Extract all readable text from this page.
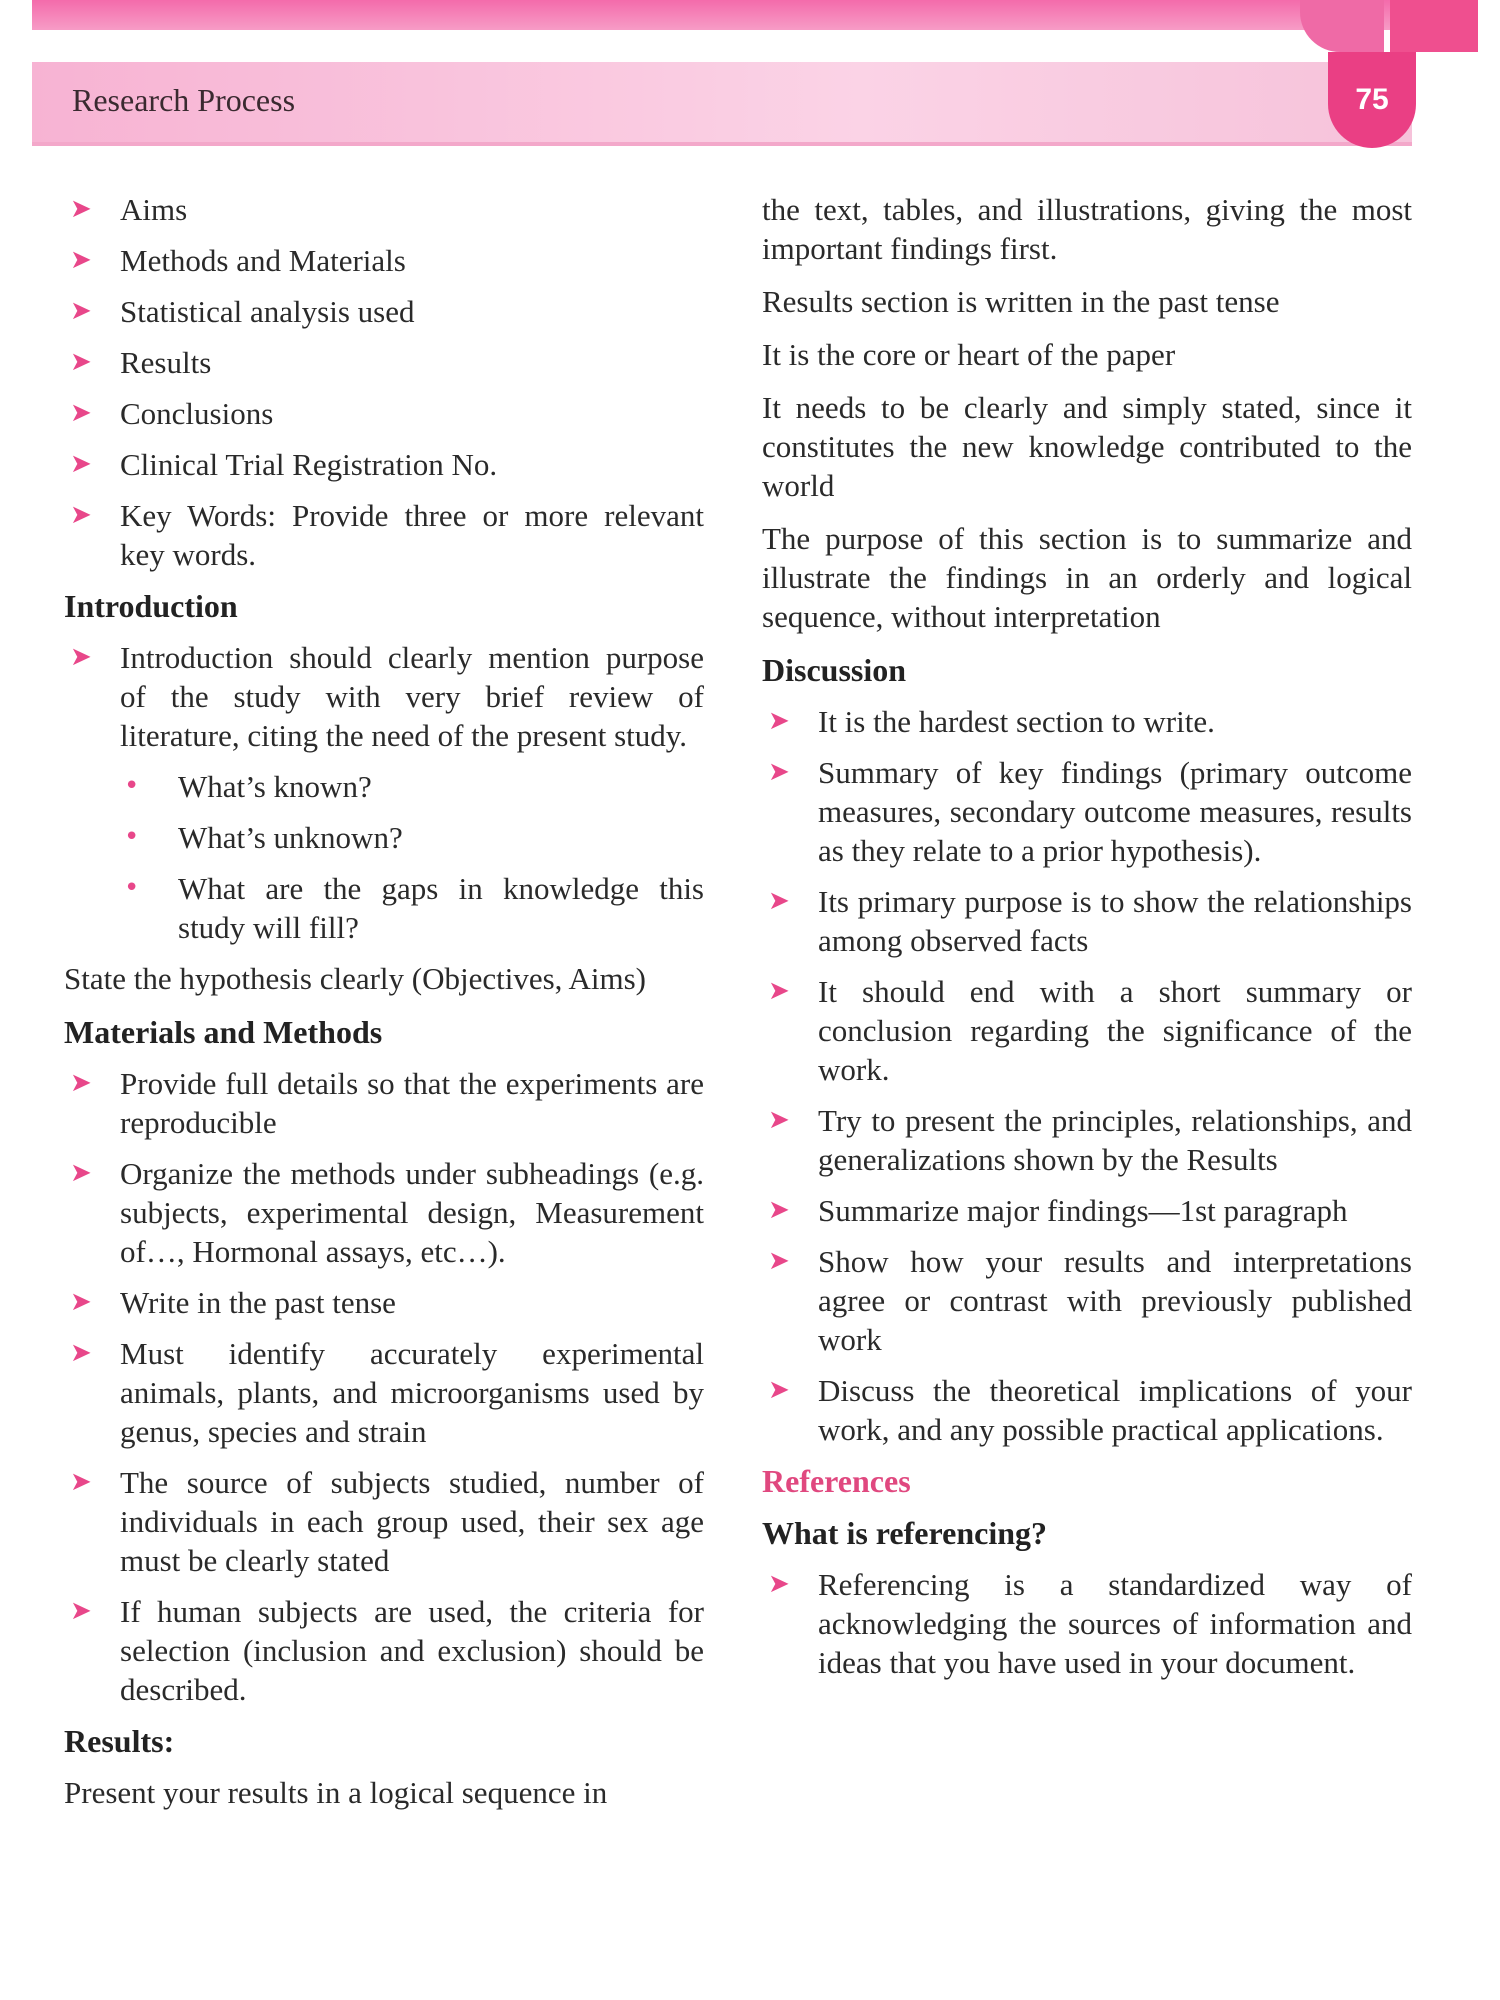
Research Process	75
➤ Aims
➤ Methods and Materials
➤ Statistical analysis used
➤ Results
➤ Conclusions
➤ Clinical Trial Registration No.
➤ Key Words: Provide three or more relevant key words.
Introduction
➤ Introduction should clearly mention purpose of the study with very brief review of literature, citing the need of the present study.
•	What’s known?
•	What’s unknown?
•	What are the gaps in knowledge this study will fill?
State the hypothesis clearly (Objectives, Aims)
Materials and Methods
➤ Provide full details so that the experiments are reproducible
➤ Organize the methods under subheadings (e.g. subjects, experimental design, Measurement of…, Hormonal assays, etc…).
➤ Write in the past tense
➤ Must identify accurately experimental animals, plants, and microorganisms used by genus, species and strain
➤ The source of subjects studied, number of individuals in each group used, their sex age must be clearly stated
➤ If human subjects are used, the criteria for selection (inclusion and exclusion) should be described.
Results:
Present your results in a logical sequence in
the text, tables, and illustrations, giving the most important findings first.
Results section is written in the past tense
It is the core or heart of the paper
It needs to be clearly and simply stated, since it constitutes the new knowledge contributed to the world
The purpose of this section is to summarize and illustrate the findings in an orderly and logical sequence, without interpretation
Discussion
➤ It is the hardest section to write.
➤ Summary of key findings (primary outcome measures, secondary outcome measures, results as they relate to a prior hypothesis).
➤ Its primary purpose is to show the relationships among observed facts
➤ It should end with a short summary or conclusion regarding the significance of the work.
➤ Try to present the principles, relationships, and generalizations shown by the Results
➤ Summarize major findings—1st paragraph
➤ Show how your results and interpretations agree or contrast with previously published work
➤ Discuss the theoretical implications of your work, and any possible practical applications.
References
What is referencing?
➤ Referencing is a standardized way of acknowledging the sources of information and ideas that you have used in your document.
